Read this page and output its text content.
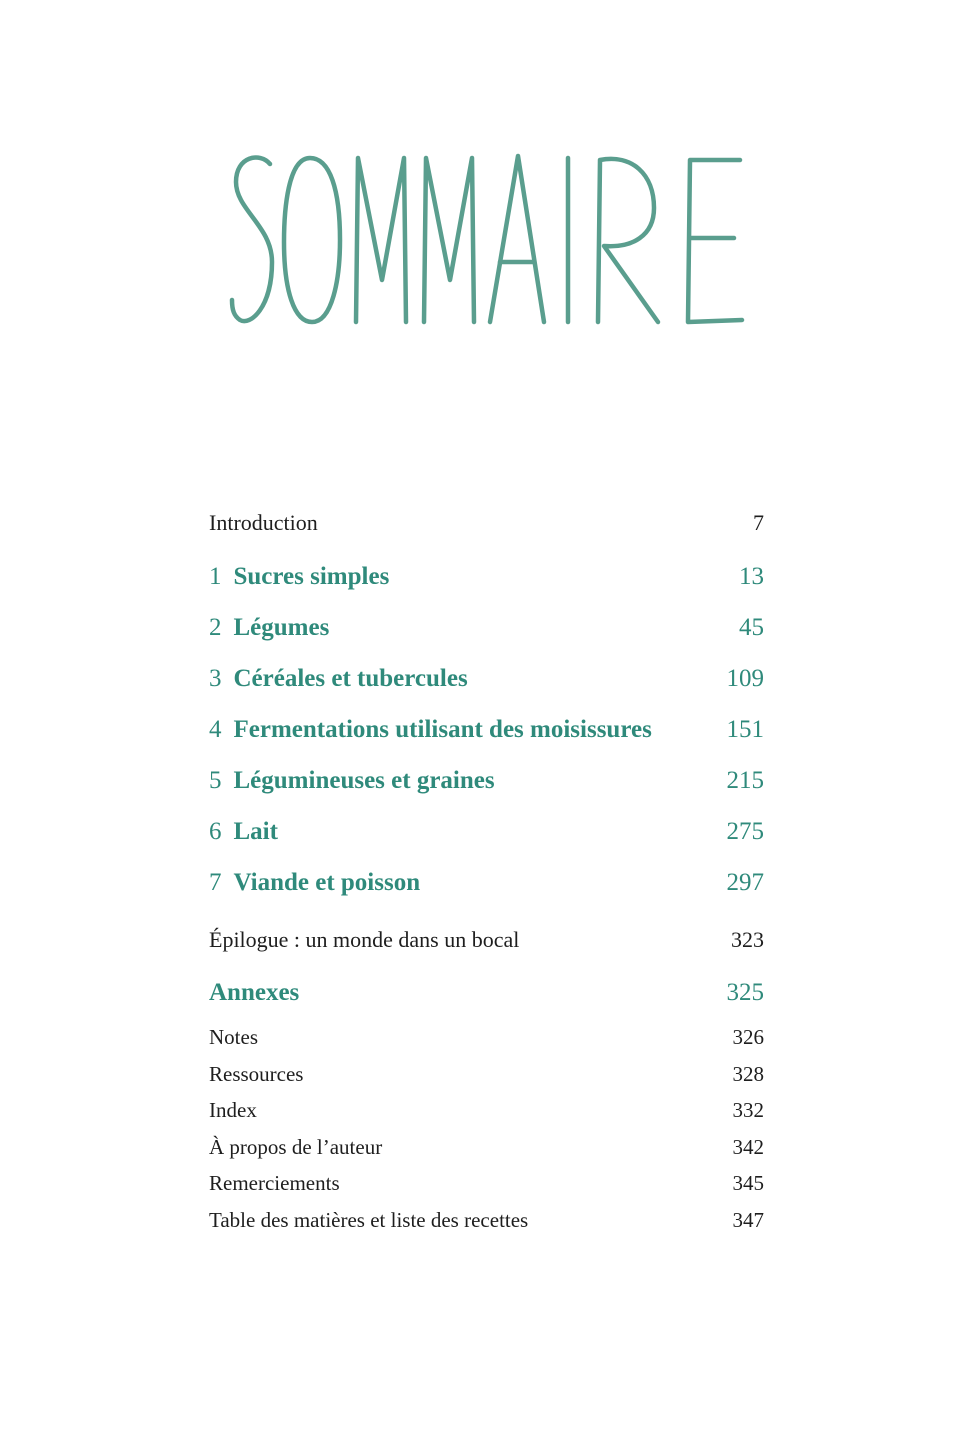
Introduction	7
1 Sucres simples	13
2 Légumes	45
3 Céréales et tubercules	109
4 Fermentations utilisant des moisissures	151
5 Légumineuses et graines	215
6 Lait	275
7 Viande et poisson	297
Épilogue : un monde dans un bocal	323
Annexes	325
Notes	326
Ressources	328
Index	332
À propos de l’auteur	342
Remerciements	345
Table des matières et liste des recettes	347
